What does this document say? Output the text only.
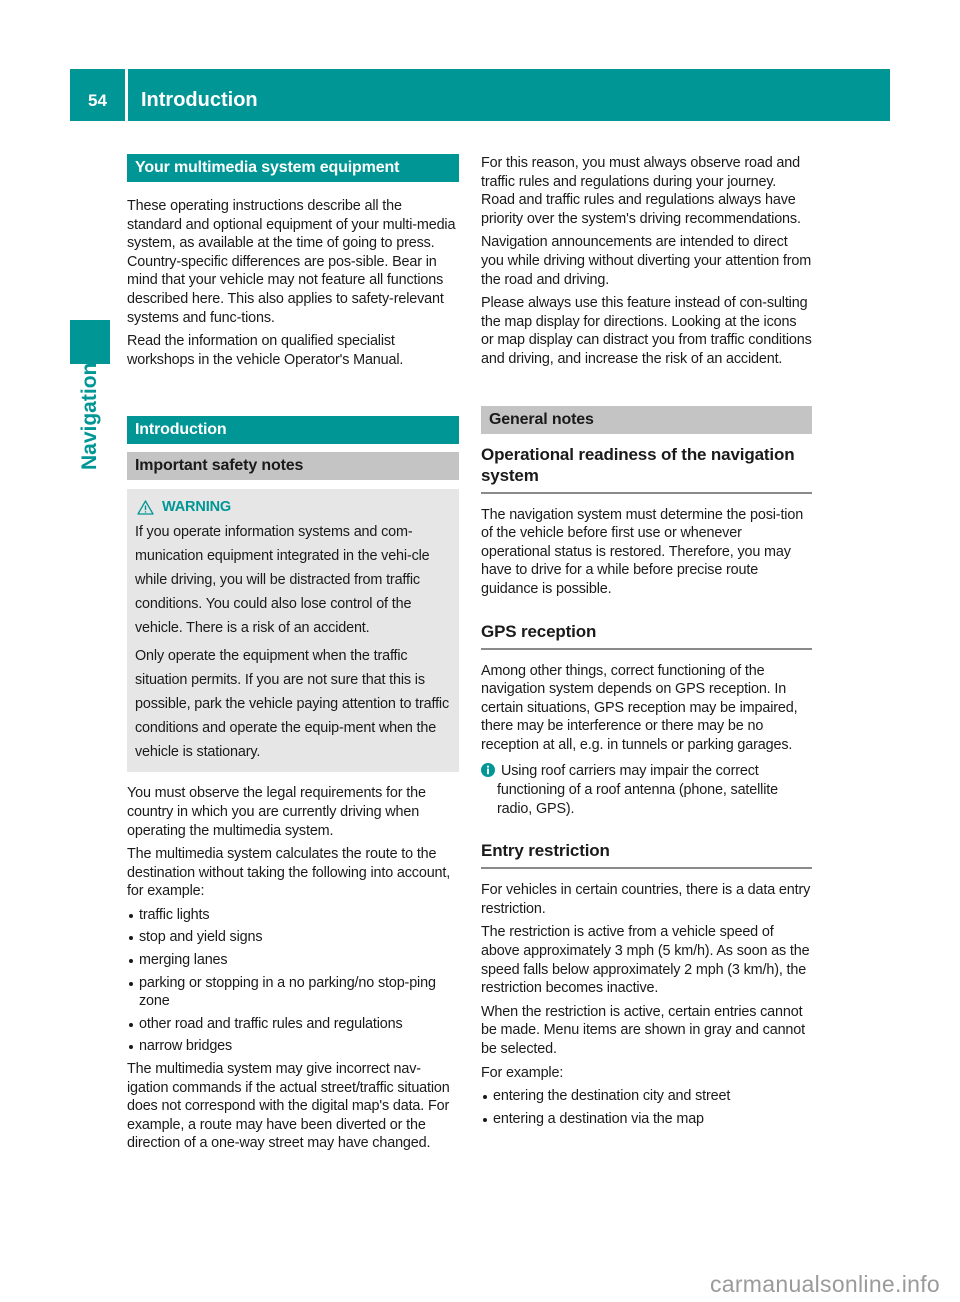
54	Introduction
Navigation
Your multimedia system equipment

These operating instructions describe all the standard and optional equipment of your multi-media system, as available at the time of going to press. Country-specific differences are pos-sible. Bear in mind that your vehicle may not feature all functions described here. This also applies to safety-relevant systems and func-tions.

Read the information on qualified specialist workshops in the vehicle Operator's Manual.

Introduction
Important safety notes
WARNING

If you operate information systems and com-munication equipment integrated in the vehi-cle while driving, you will be distracted from traffic conditions. You could also lose control of the vehicle. There is a risk of an accident.

Only operate the equipment when the traffic situation permits. If you are not sure that this is possible, park the vehicle paying attention to traffic conditions and operate the equip-ment when the vehicle is stationary.

You must observe the legal requirements for the country in which you are currently driving when operating the multimedia system.

The multimedia system calculates the route to the destination without taking the following into account, for example:

traffic lights
stop and yield signs
merging lanes
parking or stopping in a no parking/no stop-ping zone
other road and traffic rules and regulations
narrow bridges

The multimedia system may give incorrect nav-igation commands if the actual street/traffic situation does not correspond with the digital map's data. For example, a route may have been diverted or the direction of a one-way street may have changed.

For this reason, you must always observe road and traffic rules and regulations during your journey. Road and traffic rules and regulations always have priority over the system's driving recommendations.

Navigation announcements are intended to direct you while driving without diverting your attention from the road and driving.

Please always use this feature instead of con-sulting the map display for directions. Looking at the icons or map display can distract you from traffic conditions and driving, and increase the risk of an accident.

General notes
Operational readiness of the navigation system

The navigation system must determine the posi-tion of the vehicle before first use or whenever operational status is restored. Therefore, you may have to drive for a while before precise route guidance is possible.

GPS reception

Among other things, correct functioning of the navigation system depends on GPS reception. In certain situations, GPS reception may be impaired, there may be interference or there may be no reception at all, e.g. in tunnels or parking garages.

Using roof carriers may impair the correct functioning of a roof antenna (phone, satellite radio, GPS).

Entry restriction

For vehicles in certain countries, there is a data entry restriction.

The restriction is active from a vehicle speed of above approximately 3 mph (5 km/h). As soon as the speed falls below approximately 2 mph (3 km/h), the restriction becomes inactive.

When the restriction is active, certain entries cannot be made. Menu items are shown in gray and cannot be selected.

For example:

entering the destination city and street
entering a destination via the map
carmanualsonline.info
